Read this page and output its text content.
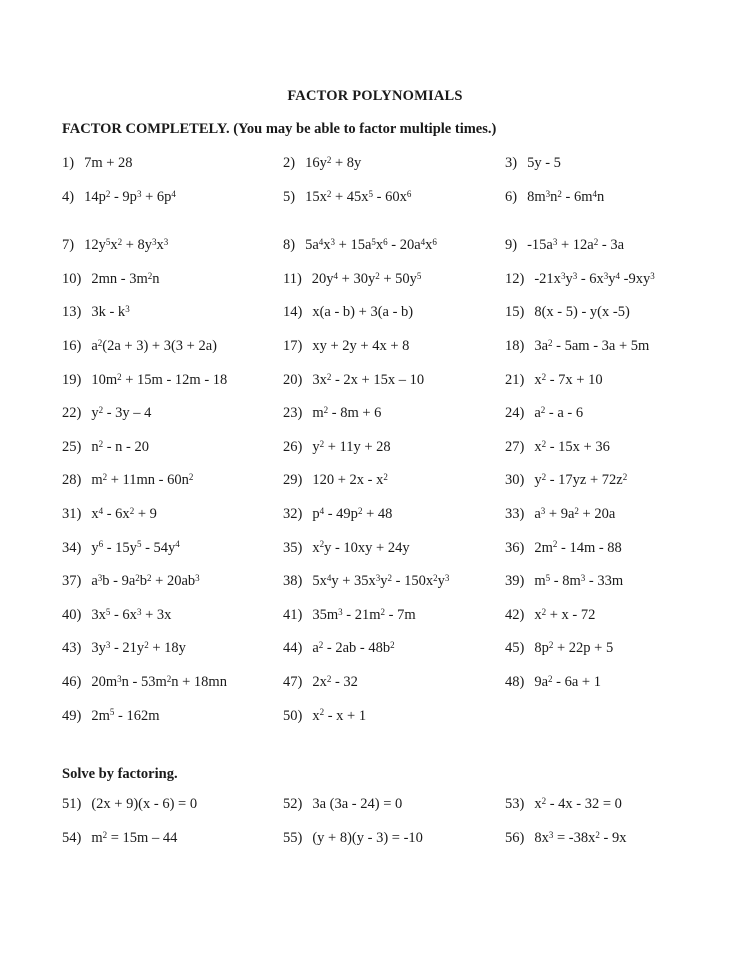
FACTOR POLYNOMIALS
FACTOR COMPLETELY. (You may be able to factor multiple times.)
1) 7m + 28	2) $16y^2 + 8y$	3) 5y - 5
4) $14p^2 - 9p^3 + 6p^4$	5) $15x^2 + 45x^5 - 60x^6$	6) $8m^3n^2 - 6m^4n$
7) $12y^5x^2 + 8y^3x^3$	8) $5a^4x^3 + 15a^5x^6 - 20a^4x^6$	9) $-15a^3 + 12a^2 - 3a$
10) $2mn - 3m^2n$	11) $20y^4 + 30y^2 + 50y^5$	12) $-21x^3y^3 - 6x^3y^4$ $-9xy^3$
13) $3k - k^3$	14) x(a - b) + 3(a - b)	15) 8(x - 5) - y(x -5)
16) $a^2(2a + 3) + 3(3 + 2a)$	17) xy + 2y + 4x + 8	18) $3a^2 - 5am - 3a + 5m$
19) $10m^2 + 15m - 12m - 18$	20) $3x^2 - 2x + 15x - 10$	21) $x^2 - 7x + 10$
22) $y^2 - 3y - 4$	23) $m^2 - 8m + 6$	24) $a^2$ - a - 6
25) $n^2$ - n - 20	26) $y^2 + 11y + 28$	27) $x^2 - 15x + 36$
28) $m^2 + 11mn - 60n^2$	29) $120 + 2x - x^2$	30) $y^2 - 17yz + 72z^2$
31) $x^4 - 6x^2 + 9$	32) $p^4 - 49p^2 + 48$	33) $a^3 + 9a^2 + 20a$
34) $y^6 - 15y^5 - 54y^4$	35) $x^2y - 10xy + 24y$	36) $2m^2 - 14m - 88$
37) $a^3b - 9a^2b^2 + 20ab^3$	38) $5x^4y + 35x^3y^2 - 150x^2y^3$	39) $m^5 - 8m^3 - 33m$
40) $3x^5 - 6x^3 + 3x$	41) $35m^3 - 21m^2 - 7m$	42) $x^2 + x - 72$
43) $3y^3 - 21y^2 + 18y$	44) $a^2 - 2ab - 48b^2$	45) $8p^2 + 22p + 5$
46) $20m^3n - 53m^2n + 18mn$	47) $2x^2 - 32$	48) $9a^2 - 6a + 1$
49) $2m^5 - 162m$	50) $x^2 - x + 1$
Solve by factoring.
51) (2x + 9)(x - 6) = 0	52) 3a (3a - 24) = 0	53) $x^2 - 4x - 32 = 0$
54) $m^2 = 15m - 44$	55) (y + 8)(y - 3) = -10	56) $8x^3 = -38x^2 - 9x$
